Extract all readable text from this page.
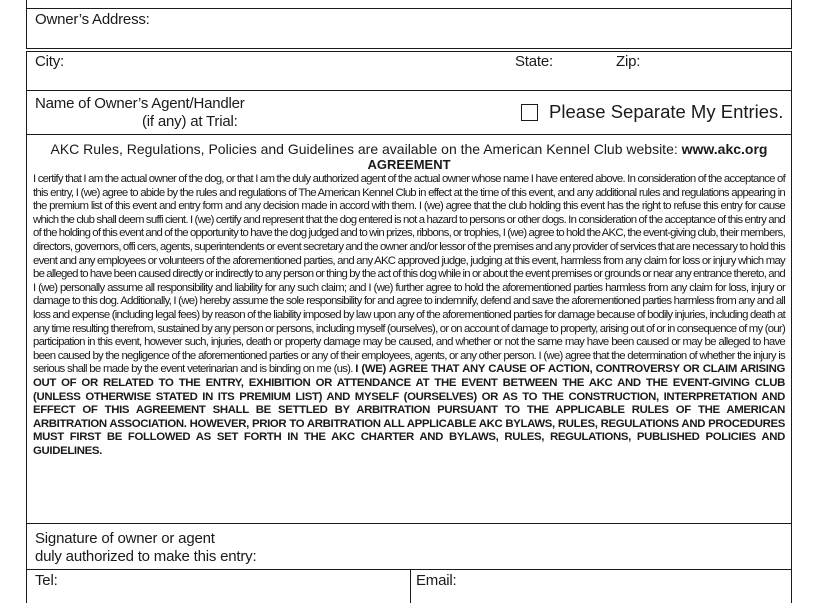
Owner’s Address:
City:	State:	Zip:
Name of Owner’s Agent/Handler
(if any) at Trial:	Please Separate My Entries.
AKC Rules, Regulations, Policies and Guidelines are available on the American Kennel Club website: www.akc.org
AGREEMENT
I certify that I am the actual owner of the dog, or that I am the duly authorized agent of the actual owner whose name I have entered above. In consideration of the acceptance of this entry, I (we) agree to abide by the rules and regulations of The American Kennel Club in effect at the time of this event, and any additional rules and regulations appearing in the premium list of this event and entry form and any decision made in accord with them. I (we) agree that the club holding this event has the right to refuse this entry for cause which the club shall deem suffi cient. I (we) certify and represent that the dog entered is not a hazard to persons or other dogs. In consideration of the acceptance of this entry and of the holding of this event and of the opportunity to have the dog judged and to win prizes, ribbons, or trophies, I (we) agree to hold the AKC, the event-giving club, their members, directors, governors, offi cers, agents, superintendents or event secretary and the owner and/or lessor of the premises and any provider of services that are necessary to hold this event and any employees or volunteers of the aforementioned parties, and any AKC approved judge, judging at this event, harmless from any claim for loss or injury which may be alleged to have been caused directly or indirectly to any person or thing by the act of this dog while in or about the event premises or grounds or near any entrance thereto, and I (we) personally assume all responsibility and liability for any such claim; and I (we) further agree to hold the aforementioned parties harmless from any claim for loss, injury or damage to this dog. Additionally, I (we) hereby assume the sole responsibility for and agree to indemnify, defend and save the aforementioned parties harmless from any and all loss and expense (including legal fees) by reason of the liability imposed by law upon any of the aforementioned parties for damage because of bodily injuries, including death at any time resulting therefrom, sustained by any person or persons, including myself (ourselves), or on account of damage to property, arising out of or in consequence of my (our) participation in this event, however such, injuries, death or property damage may be caused, and whether or not the same may have been caused or may be alleged to have been caused by the negligence of the aforementioned parties or any of their employees, agents, or any other person. I (we) agree that the determination of whether the injury is serious shall be made by the event veterinarian and is binding on me (us). I (WE) AGREE THAT ANY CAUSE OF ACTION, CONTROVERSY OR CLAIM ARISING OUT OF OR RELATED TO THE ENTRY, EXHIBITION OR ATTENDANCE AT THE EVENT BETWEEN THE AKC AND THE EVENT-GIVING CLUB (UNLESS OTHERWISE STATED IN ITS PREMIUM LIST) AND MYSELF (OURSELVES) OR AS TO THE CONSTRUCTION, INTERPRETATION AND EFFECT OF THIS AGREEMENT SHALL BE SETTLED BY ARBITRATION PURSUANT TO THE APPLICABLE RULES OF THE AMERICAN ARBITRATION ASSOCIATION. HOWEVER, PRIOR TO ARBITRATION ALL APPLICABLE AKC BYLAWS, RULES, REGULATIONS AND PROCEDURES MUST FIRST BE FOLLOWED AS SET FORTH IN THE AKC CHARTER AND BYLAWS, RULES, REGULATIONS, PUBLISHED POLICIES AND GUIDELINES.
Signature of owner or agent
duly authorized to make this entry:
Tel:	Email:
